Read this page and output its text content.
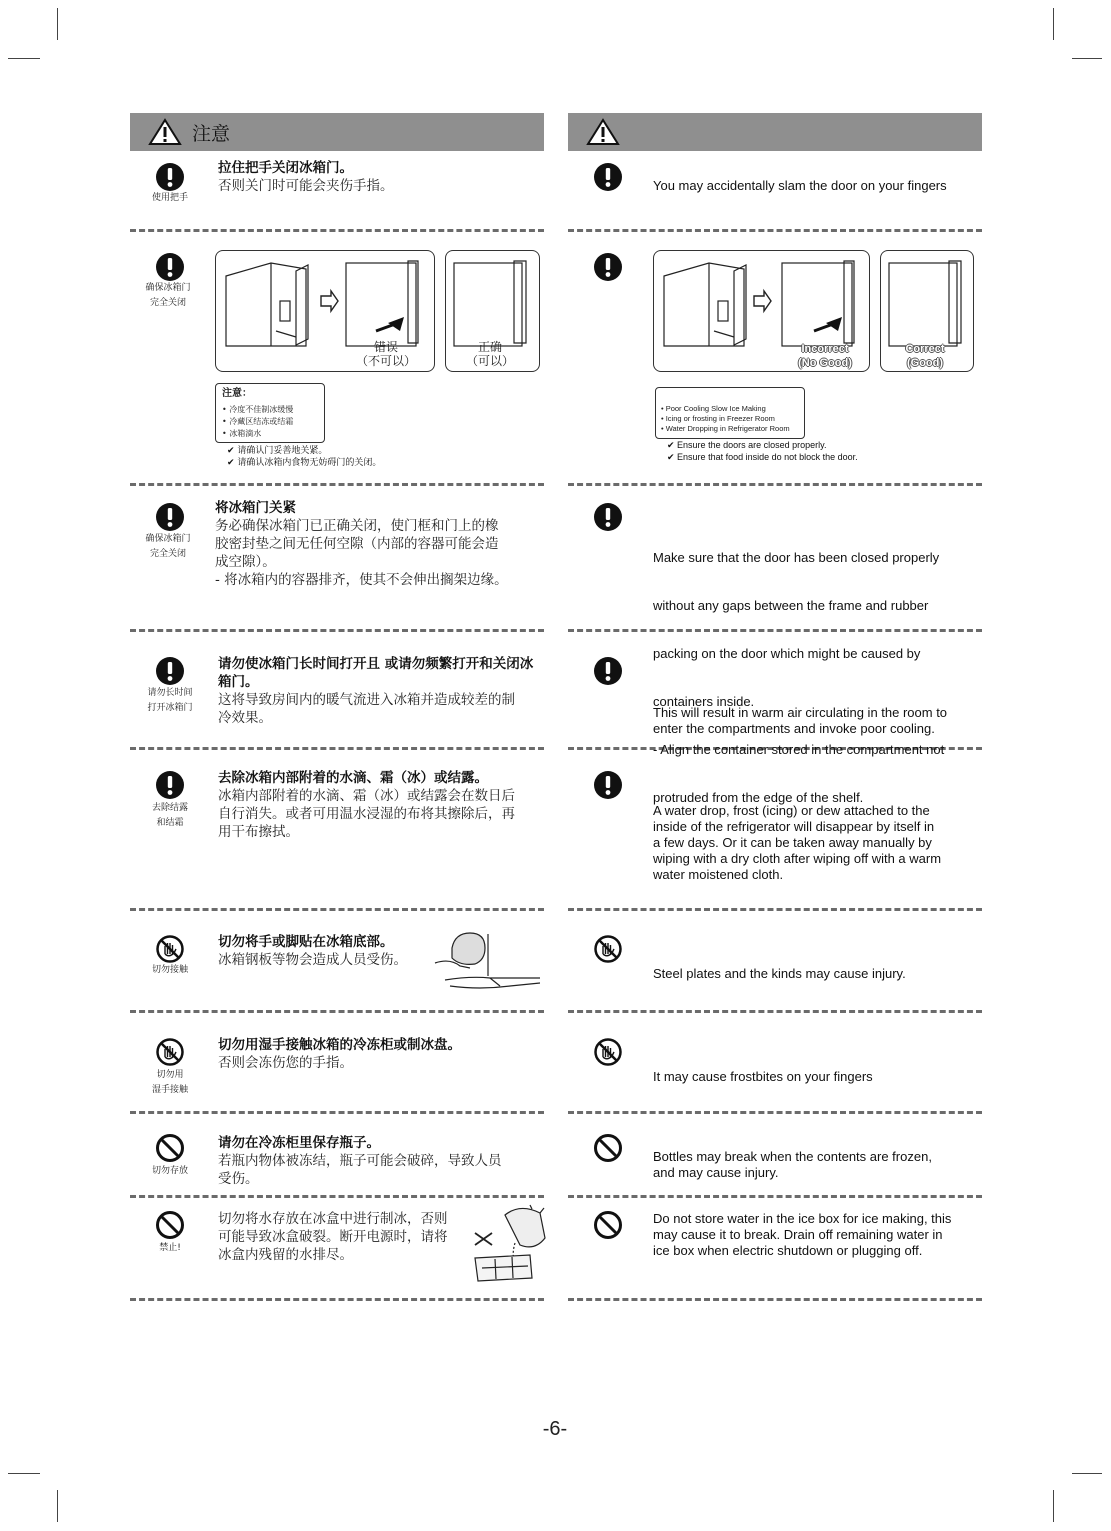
注意
使用把手
拉住把手关闭冰箱门。
否则关门时可能会夹伤手指。	You may accidentally slam the door on your fingers
确保冰箱门
完全关闭
错误
（不可以）
正确
（可以）
注意：
• 冷度不佳制冰缓慢
• 冷藏区结冻或结霜
• 冰箱滴水
✔ 请确认门妥善地关紧。
✔ 请确认冰箱内食物无妨碍门的关闭。
Incorrect
(No Good)
Correct
(Good)
• Poor Cooling Slow Ice Making
• Icing or frosting in Freezer Room
• Water Dropping in Refrigerator Room
✔ Ensure the doors are closed properly.
✔ Ensure that food inside do not block the door.
确保冰箱门
完全关闭
将冰箱门关紧
务必确保冰箱门已正确关闭，使门框和门上的橡
胶密封垫之间无任何空隙（内部的容器可能会造
成空隙）。
- 将冰箱内的容器排齐，使其不会伸出搁架边缘。

Make sure that the door has been closed properly

without any gaps between the frame and rubber

packing on the door which might be caused by

containers inside.

- Align the container stored in the compartment not

protruded from the edge of the shelf.

请勿长时间
打开冰箱门
请勿使冰箱门长时间打开且 或请勿频繁打开和关闭冰
箱门。
这将导致房间内的暖气流进入冰箱并造成较差的制
冷效果。	This will result in warm air circulating in the room to
enter the compartments and invoke poor cooling.
去除结露
和结霜
去除冰箱内部附着的水滴、霜（冰）或结露。
冰箱内部附着的水滴、霜（冰）或结露会在数日后
自行消失。或者可用温水浸湿的布将其擦除后，再
用干布擦拭。
A water drop, frost (icing) or dew attached to the
inside of the refrigerator will disappear by itself in
a few days. Or it can be taken away manually by
wiping with a dry cloth after wiping off with a warm
water moistened cloth.
切勿接触
切勿将手或脚贴在冰箱底部。
冰箱钢板等物会造成人员受伤。
Steel plates and the kinds may cause injury.
切勿用
湿手接触
切勿用湿手接触冰箱的冷冻柜或制冰盘。
否则会冻伤您的手指。
It may cause frostbites on your fingers
切勿存放
请勿在冷冻柜里保存瓶子。
若瓶内物体被冻结，瓶子可能会破碎，导致人员
受伤。
Bottles may break when the contents are frozen,
and may cause injury.
禁止!
切勿将水存放在冰盒中进行制冰，否则
可能导致冰盒破裂。断开电源时，请将
冰盒内残留的水排尽。
Do not store water in the ice box for ice making, this
may cause it to break. Drain off remaining water in
ice box when electric shutdown or plugging off.
-6-
